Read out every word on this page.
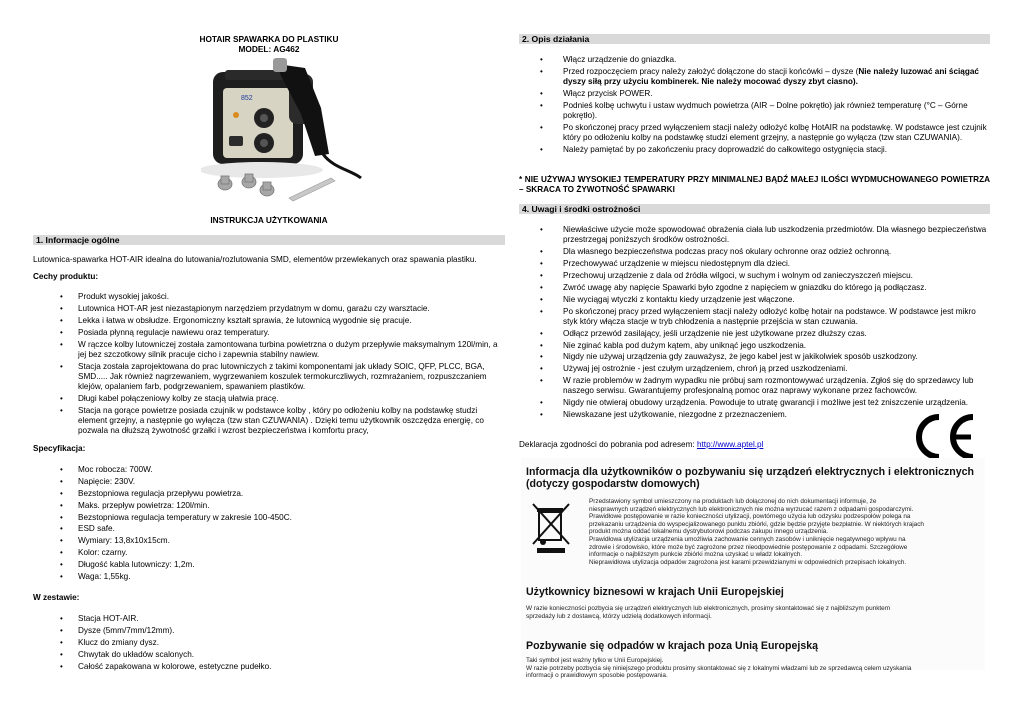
HOTAIR SPAWARKA DO PLASTIKU
MODEL: AG462
852
INSTRUKCJA UŻYTKOWANIA
1. Informacje ogólne
Lutownica-spawarka HOT-AIR idealna do lutowania/rozlutowania SMD, elementów przewlekanych oraz spawania plastiku.
Cechy produktu:
• Produkt wysokiej jakości.
• Lutownica HOT-AR jest niezastąpionym narzędziem przydatnym w domu, garażu czy warsztacie.
• Lekka i łatwa w obsłudze. Ergonomiczny kształt sprawia, że lutownicą wygodnie się pracuje.
• Posiada płynną regulacje nawiewu oraz temperatury.
• W rączce kolby lutowniczej została zamontowana turbina powietrzna o dużym przepływie maksymalnym 120l/min, a jej bez szczotkowy silnik pracuje cicho i zapewnia stabilny nawiew.
• Stacja została zaprojektowana do prac lutowniczych z takimi komponentami jak układy SOIC, QFP, PLCC, BGA, SMD..... Jak również nagrzewaniem, wygrzewaniem koszulek termokurczliwych, rozmrażaniem, rozpuszczaniem klejów, opalaniem farb, podgrzewaniem, spawaniem plastików.
• Długi kabel połączeniowy kolby ze stacją ułatwia pracę.
• Stacja na gorące powietrze posiada czujnik w podstawce kolby , który po odłożeniu kolby na podstawkę studzi element grzejny, a następnie go wyłącza (tzw stan CZUWANIA) . Dzięki temu użytkownik oszczędza energię, co pozwala na dłuższą żywotność grzałki i wzrost bezpieczeństwa i komfortu pracy,
Specyfikacja:
• Moc robocza: 700W.
• Napięcie: 230V.
• Bezstopniowa regulacja przepływu powietrza.
• Maks. przepływ powietrza: 120l/min.
• Bezstopniowa regulacja temperatury w zakresie 100-450C.
• ESD safe.
• Wymiary: 13,8x10x15cm.
• Kolor: czarny.
• Długość kabla lutowniczy: 1,2m.
• Waga: 1,55kg.
W zestawie:
• Stacja HOT-AIR.
• Dysze (5mm/7mm/12mm).
• Klucz do zmiany dysz.
• Chwytak do układów scalonych.
• Całość zapakowana w kolorowe, estetyczne pudełko.
2. Opis działania
• Włącz urządzenie do gniazdka.
• Przed rozpoczęciem pracy należy założyć dołączone do stacji końcówki – dysze (Nie należy luzować ani ściągać dyszy siłą przy użyciu kombinerek. Nie należy mocować dyszy zbyt ciasno).
• Włącz przycisk POWER.
• Podnieś kolbę uchwytu i ustaw wydmuch powietrza (AIR – Dolne pokrętło) jak również temperaturę (°C – Górne pokrętło).
• Po skończonej pracy przed wyłączeniem stacji należy odłożyć kolbę HotAIR na podstawkę. W podstawce jest czujnik który po odłożeniu kolby na podstawkę studzi element grzejny, a następnie go wyłącza (tzw stan CZUWANIA).
• Należy pamiętać by po zakończeniu pracy doprowadzić do całkowitego ostygnięcia stacji.
* NIE UŻYWAJ WYSOKIEJ TEMPERATURY PRZY MINIMALNEJ BĄDŹ MAŁEJ ILOŚCI WYDMUCHOWANEGO POWIETRZA – SKRACA TO ŻYWOTNOŚĆ SPAWARKI
4. Uwagi i środki ostrożności
• Niewłaściwe użycie może spowodować obrażenia ciała lub uszkodzenia przedmiotów. Dla własnego bezpieczeństwa przestrzegaj poniższych środków ostrożności.
• Dla własnego bezpieczeństwa podczas pracy noś okulary ochronne oraz odzież ochronną.
• Przechowywać urządzenie w miejscu niedostępnym dla dzieci.
• Przechowuj urządzenie z dala od źródła wilgoci, w suchym i wolnym od zanieczyszczeń miejscu.
• Zwróć uwagę aby napięcie Spawarki było zgodne z napięciem w gniazdku do którego ją podłączasz.
• Nie wyciągaj wtyczki z kontaktu kiedy urządzenie jest włączone.
• Po skończonej pracy przed wyłączeniem stacji należy odłożyć kolbę hotair na podstawce. W podstawce jest mikro styk który włącza stacje w tryb chłodzenia a następnie przejścia w stan czuwania.
• Odłącz przewód zasilający, jeśli urządzenie nie jest użytkowane przez dłuższy czas.
• Nie zginać kabla pod dużym kątem, aby uniknąć jego uszkodzenia.
• Nigdy nie używaj urządzenia gdy zauważysz, że jego kabel jest w jakikolwiek sposób uszkodzony.
• Używaj jej ostrożnie - jest czułym urządzeniem, chroń ją przed uszkodzeniami.
• W razie problemów w żadnym wypadku nie próbuj sam rozmontowywać urządzenia. Zgłoś się do sprzedawcy lub naszego serwisu. Gwarantujemy profesjonalną pomoc oraz naprawy wykonane przez fachowców.
• Nigdy nie otwieraj obudowy urządzenia. Powoduje to utratę gwarancji i możliwe jest też zniszczenie urządzenia.
• Niewskazane jest użytkowanie, niezgodne z przeznaczeniem.
Deklaracja zgodności do pobrania pod adresem: http://www.aptel.pl
Informacja dla użytkowników o pozbywaniu się urządzeń elektrycznych i elektronicznych
(dotyczy gospodarstw domowych)
Przedstawiony symbol umieszczony na produktach lub dołączonej do nich dokumentacji informuje, że
niesprawnych urządzeń elektrycznych lub elektronicznych nie można wyrzucać razem z odpadami gospodarczymi.
Prawidłowe postępowanie w razie konieczności utylizacji, powtórnego użycia lub odzysku podzespołów polega na
przekazaniu urządzenia do wyspecjalizowanego punktu zbiórki, gdzie będzie przyjęte bezpłatnie. W niektórych krajach
produkt można oddać lokalnemu dystrybutorowi podczas zakupu innego urządzenia.
Prawidłowa utylizacja urządzenia umożliwia zachowanie cennych zasobów i uniknięcie negatywnego wpływu na
zdrowie i środowisko, które może być zagrożone przez nieodpowiednie postępowanie z odpadami. Szczegółowe
informacje o najbliższym punkcie zbiórki można uzyskać u władz lokalnych.
Nieprawidłowa utylizacja odpadów zagrożona jest karami przewidzianymi w odpowiednich przepisach lokalnych.
Użytkownicy biznesowi w krajach Unii Europejskiej
W razie konieczności pozbycia się urządzeń elektrycznych lub elektronicznych, prosimy skontaktować się z najbliższym punktem
sprzedaży lub z dostawcą, którzy udzielą dodatkowych informacji.
Pozbywanie się odpadów w krajach poza Unią Europejską
Taki symbol jest ważny tylko w Unii Europejskiej.
W razie potrzeby pozbycia się niniejszego produktu prosimy skontaktować się z lokalnymi władzami lub ze sprzedawcą celem uzyskania
informacji o prawidłowym sposobie postępowania.
